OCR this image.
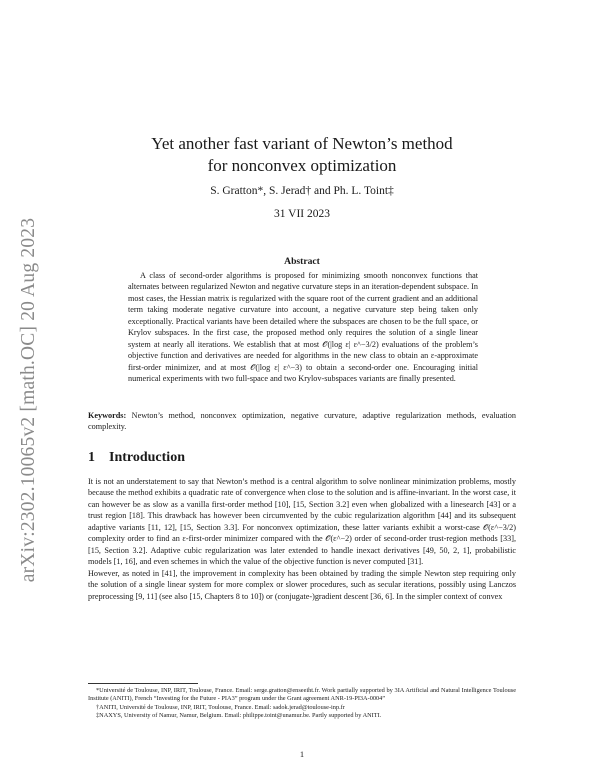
arXiv:2302.10065v2 [math.OC] 20 Aug 2023
Yet another fast variant of Newton’s method
for nonconvex optimization
S. Gratton*, S. Jerad† and Ph. L. Toint‡
31 VII 2023
Abstract
A class of second-order algorithms is proposed for minimizing smooth nonconvex functions that alternates between regularized Newton and negative curvature steps in an iteration-dependent subspace. In most cases, the Hessian matrix is regularized with the square root of the current gradient and an additional term taking moderate negative curvature into account, a negative curvature step being taken only exceptionally. Practical variants have been detailed where the subspaces are chosen to be the full space, or Krylov subspaces. In the first case, the proposed method only requires the solution of a single linear system at nearly all iterations. We establish that at most 𝒪(|log ε| ε^−3/2) evaluations of the problem’s objective function and derivatives are needed for algorithms in the new class to obtain an ε-approximate first-order minimizer, and at most 𝒪(|log ε| ε^−3) to obtain a second-order one. Encouraging initial numerical experiments with two full-space and two Krylov-subspaces variants are finally presented.
Keywords: Newton’s method, nonconvex optimization, negative curvature, adaptive regularization methods, evaluation complexity.
1 Introduction

It is not an understatement to say that Newton’s method is a central algorithm to solve nonlinear minimization problems, mostly because the method exhibits a quadratic rate of convergence when close to the solution and is affine-invariant. In the worst case, it can however be as slow as a vanilla first-order method [10], [15, Section 3.2] even when globalized with a linesearch [43] or a trust region [18]. This drawback has however been circumvented by the cubic regularization algorithm [44] and its subsequent adaptive variants [11, 12], [15, Section 3.3]. For nonconvex optimization, these latter variants exhibit a worst-case 𝒪(ε^−3/2) complexity order to find an ε-first-order minimizer compared with the 𝒪(ε^−2) order of second-order trust-region methods [33], [15, Section 3.2]. Adaptive cubic regularization was later extended to handle inexact derivatives [49, 50, 2, 1], probabilistic models [1, 16], and even schemes in which the value of the objective function is never computed [31].

However, as noted in [41], the improvement in complexity has been obtained by trading the simple Newton step requiring only the solution of a single linear system for more complex or slower procedures, such as secular iterations, possibly using Lanczos preprocessing [9, 11] (see also [15, Chapters 8 to 10]) or (conjugate-)gradient descent [36, 6]. In the simpler context of convex

*Université de Toulouse, INP, IRIT, Toulouse, France. Email: serge.gratton@enseeiht.fr. Work partially supported by 3IA Artificial and Natural Intelligence Toulouse Institute (ANITI), French “Investing for the Future - PIA3” program under the Grant agreement ANR-19-PI3A-0004”

†ANITI, Université de Toulouse, INP, IRIT, Toulouse, France. Email: sadok.jerad@toulouse-inp.fr

‡NAXYS, University of Namur, Namur, Belgium. Email: philippe.toint@unamur.be. Partly supported by ANITI.

1
